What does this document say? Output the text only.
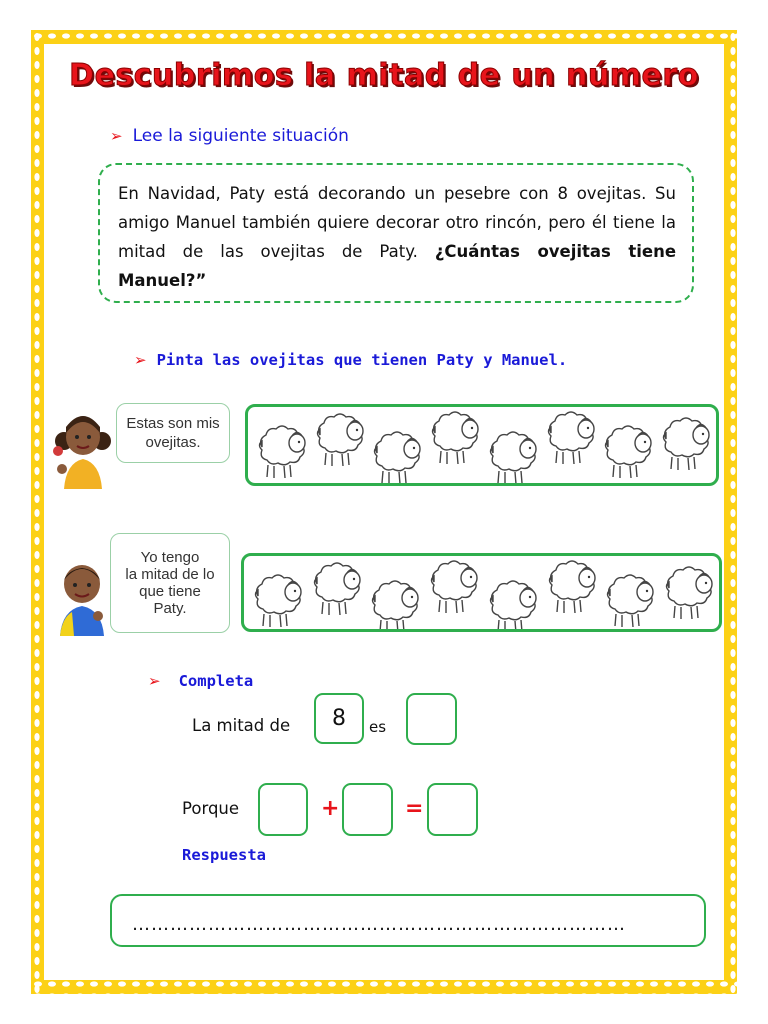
Descubrimos la mitad de un número
➢ Lee la siguiente situación
En Navidad, Paty está decorando un pesebre con 8 ovejitas. Su amigo Manuel también quiere decorar otro rincón, pero él tiene la mitad de las ovejitas de Paty. ¿Cuántas ovejitas tiene Manuel?”
➢ Pinta las ovejitas que tienen Paty y Manuel.
Estas son mis
ovejitas.
Yo tengo
la mitad de lo
que tiene
Paty.
➢ Completa
La mitad de 8 es
Porque	+	=
Respuesta
……………………………………………………………………
